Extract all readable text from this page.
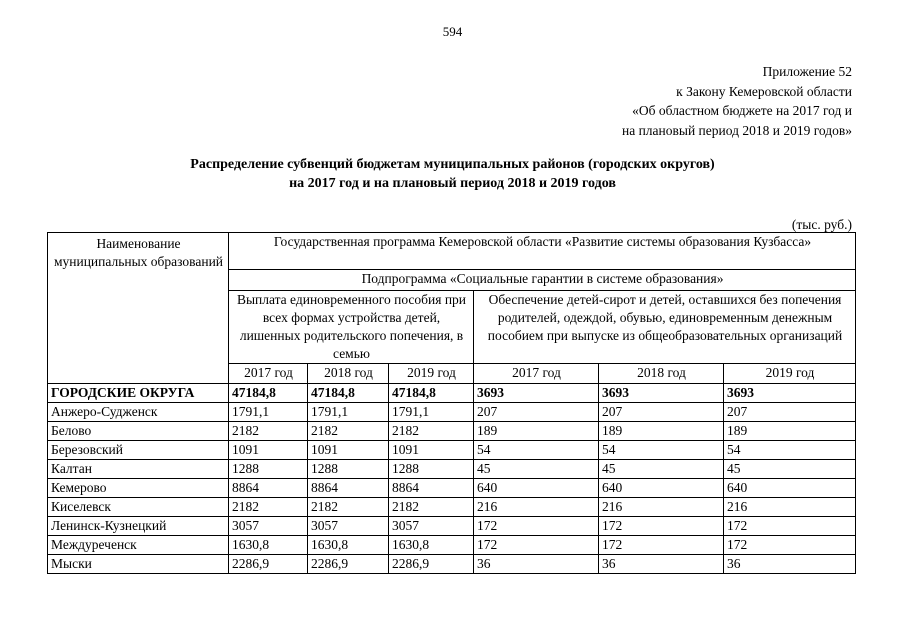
594
Приложение 52
к Закону Кемеровской области
«Об областном бюджете на 2017 год и
на плановый период 2018 и 2019 годов»
Распределение субвенций бюджетам муниципальных районов (городских округов)
на 2017 год и на плановый период 2018 и 2019 годов
(тыс. руб.)
Наименование муниципальных образований	Государственная программа Кемеровской области «Развитие системы образования Кузбасса»					
	Подпрограмма «Социальные гарантии в системе образования»					
	Выплата единовременного пособия при всех формах устройства детей, лишенных родительского попечения, в семью			Обеспечение детей-сирот и детей, оставшихся без попечения родителей, одеждой, обувью, единовременным денежным пособием при выпуске из общеобразовательных организаций		
	2017 год	2018 год	2019 год	2017 год	2018 год	2019 год
ГОРОДСКИЕ ОКРУГА	47184,8	47184,8	47184,8	3693	3693	3693
Анжеро-Судженск	1791,1	1791,1	1791,1	207	207	207
Белово	2182	2182	2182	189	189	189
Березовский	1091	1091	1091	54	54	54
Калтан	1288	1288	1288	45	45	45
Кемерово	8864	8864	8864	640	640	640
Киселевск	2182	2182	2182	216	216	216
Ленинск-Кузнецкий	3057	3057	3057	172	172	172
Междуреченск	1630,8	1630,8	1630,8	172	172	172
Мыски	2286,9	2286,9	2286,9	36	36	36
